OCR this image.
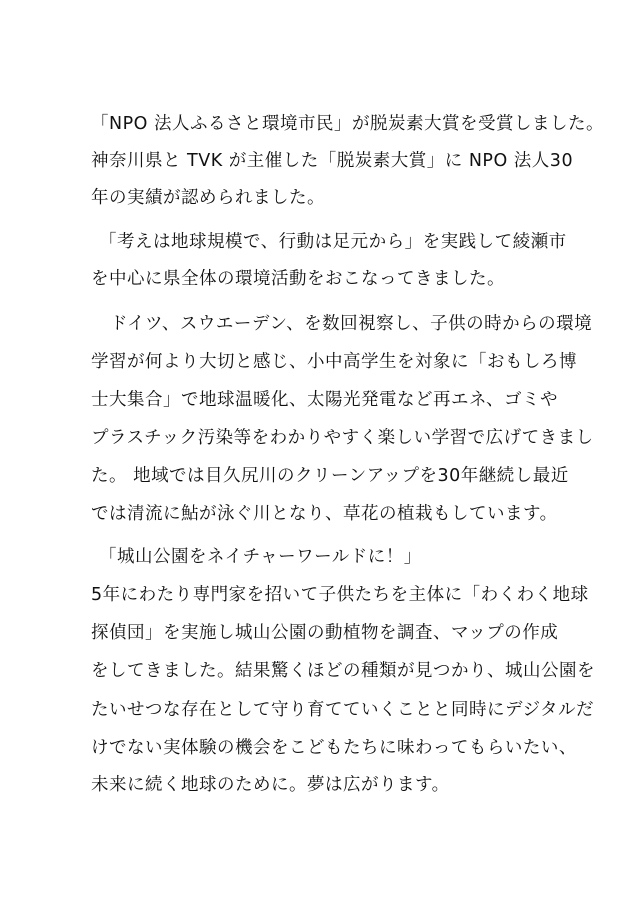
「NPO 法人ふるさと環境市民」が脱炭素大賞を受賞しました。
神奈川県と TVK が主催した「脱炭素大賞」に NPO 法人30
年の実績が認められました。
「考えは地球規模で、行動は足元から」を実践して綾瀬市
を中心に県全体の環境活動をおこなってきました。
ドイツ、スウエーデン、を数回視察し、子供の時からの環境
学習が何より大切と感じ、小中高学生を対象に「おもしろ博
士大集合」で地球温暖化、太陽光発電など再エネ、ゴミや
プラスチック汚染等をわかりやすく楽しい学習で広げてきまし
た。 地域では目久尻川のクリーンアップを30年継続し最近
では清流に鮎が泳ぐ川となり、草花の植栽もしています。
「城山公園をネイチャーワールドに！」
5年にわたり専門家を招いて子供たちを主体に「わくわく地球
探偵団」を実施し城山公園の動植物を調査、マップの作成
をしてきました。結果驚くほどの種類が見つかり、城山公園を
たいせつな存在として守り育てていくことと同時にデジタルだ
けでない実体験の機会をこどもたちに味わってもらいたい、
未来に続く地球のために。夢は広がります。
